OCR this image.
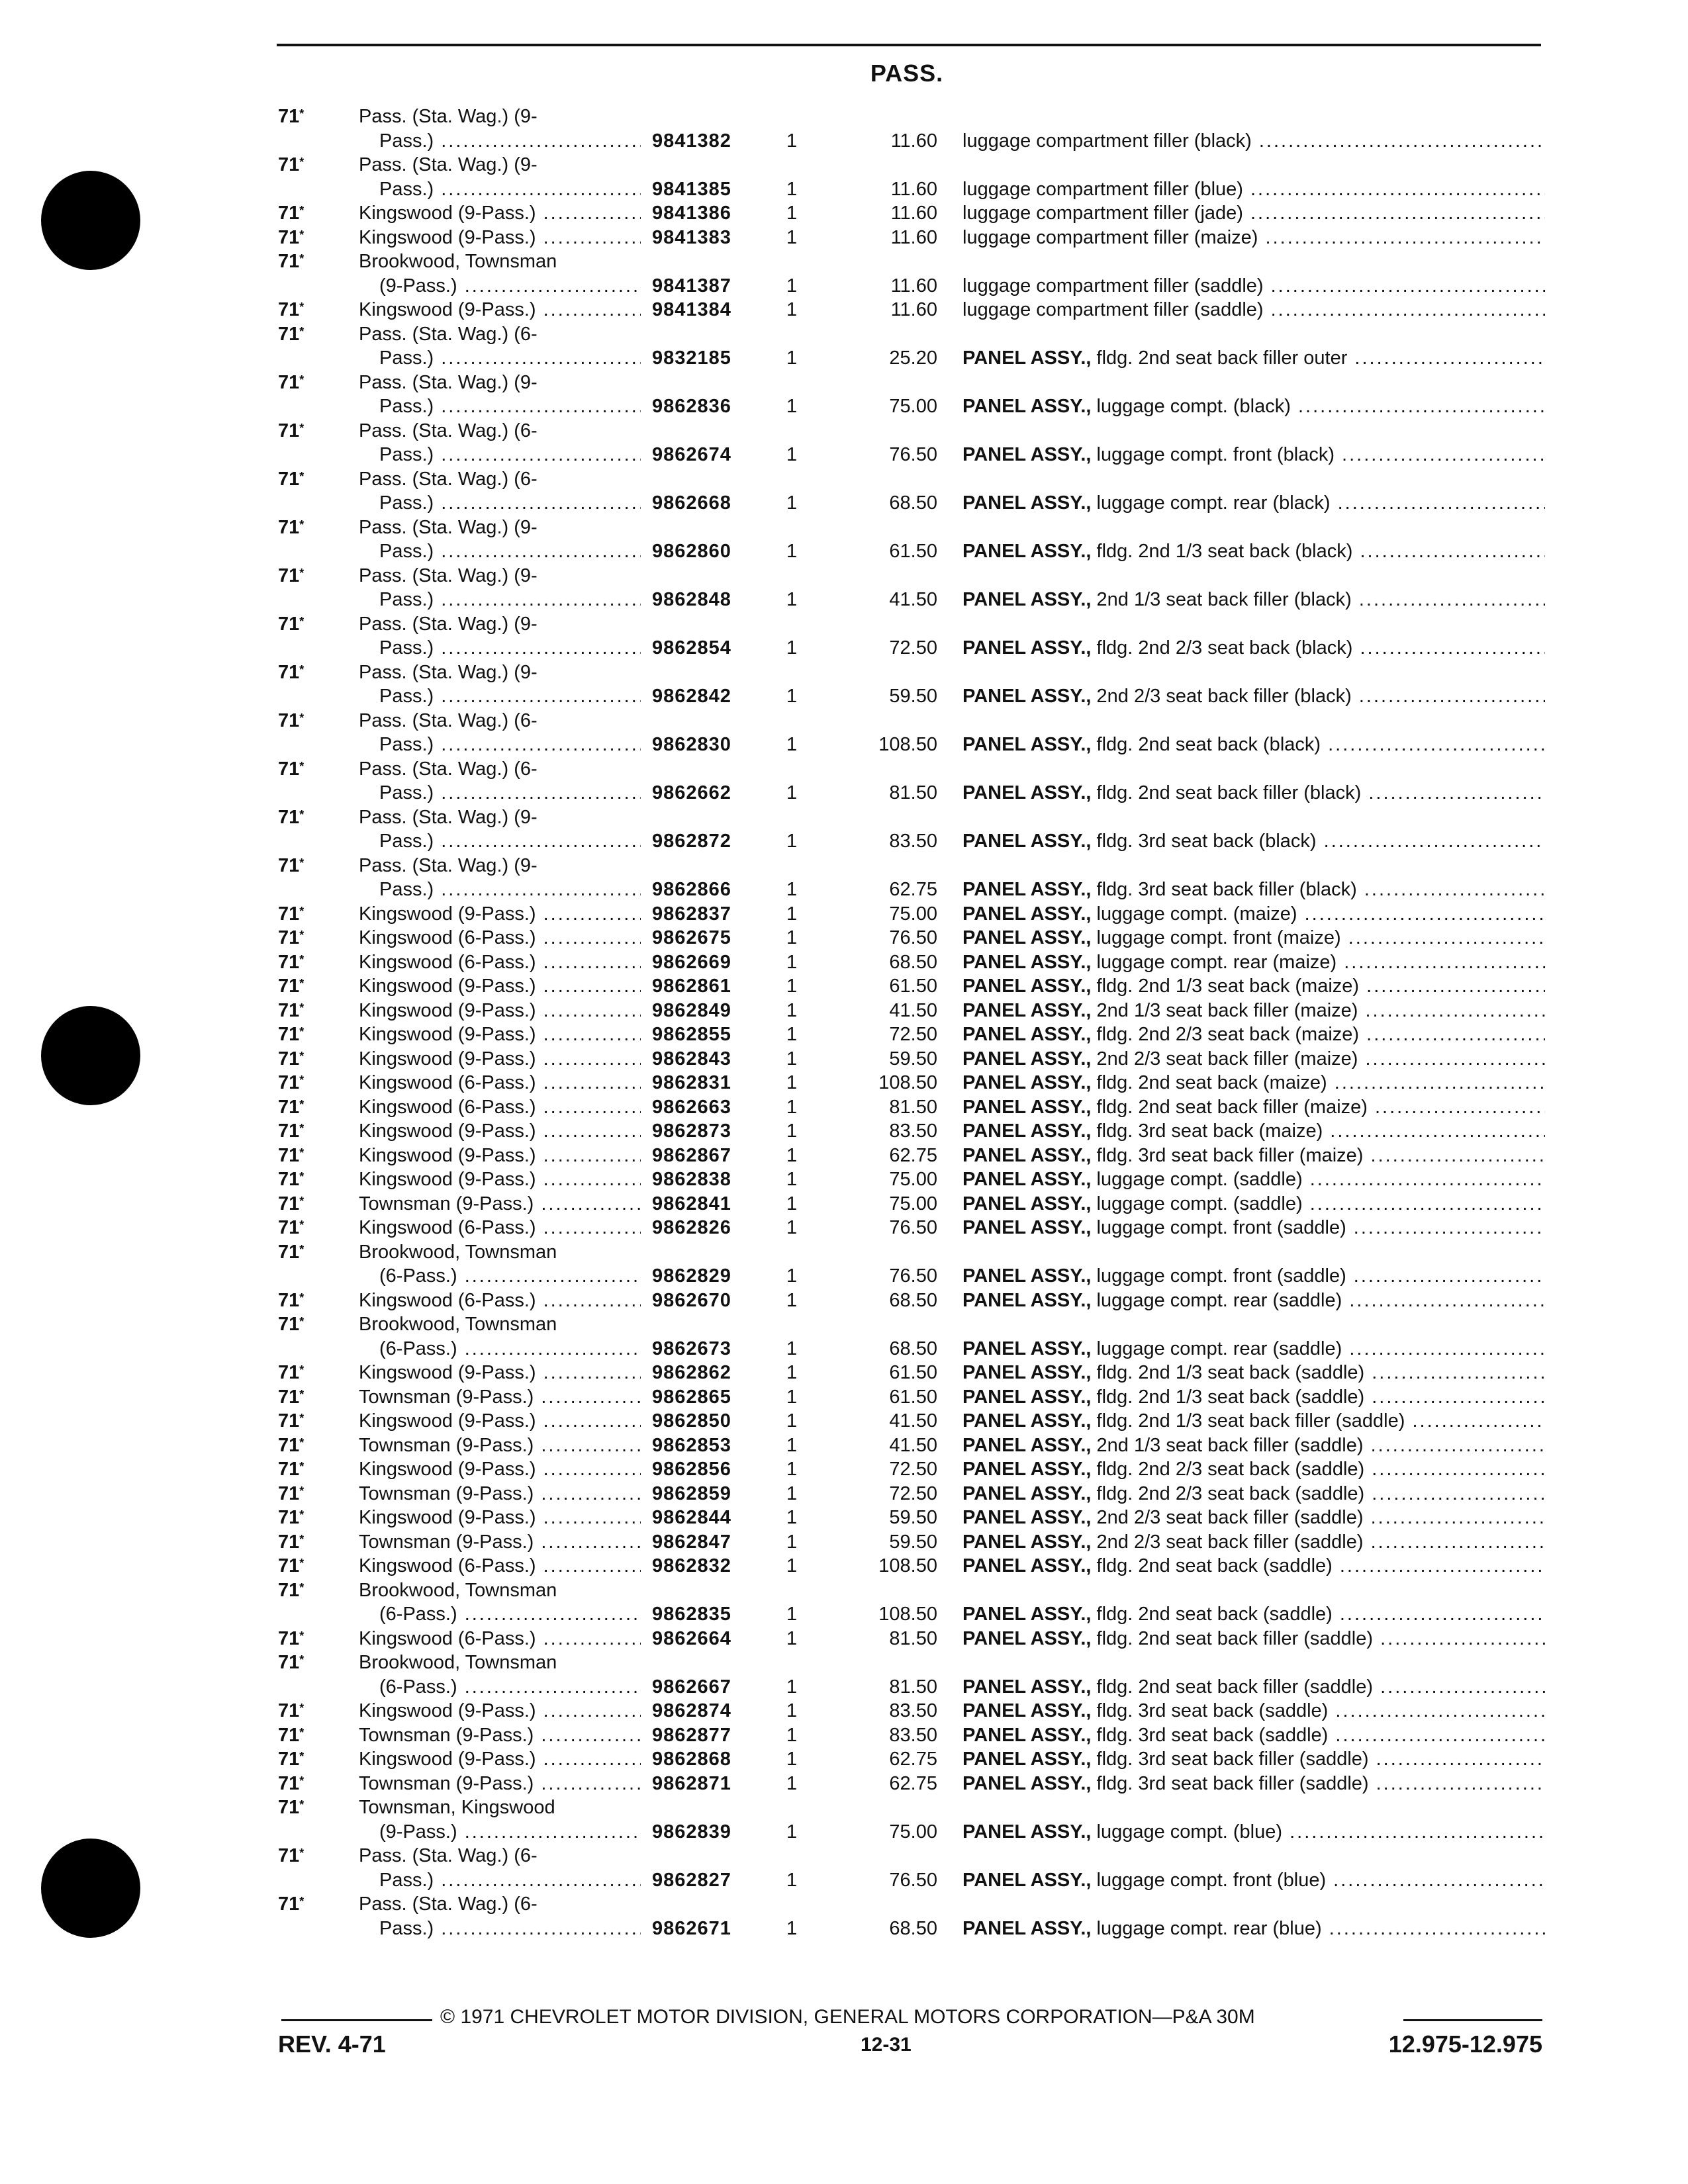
PASS.
71*	Pass. (Sta. Wag.) (9-
Pass.) .....	9841382	1	11.60 luggage compartment filler (black) .....
71*	Pass. (Sta. Wag.) (9-
Pass.) .....	9841385	1	11.60 luggage compartment filler (blue) .....
71*	Kingswood (9-Pass.) .....	9841386	1	11.60 luggage compartment filler (jade) .....
71*	Kingswood (9-Pass.) .....	9841383	1	11.60 luggage compartment filler (maize) .....
71*	Brookwood, Townsman
(9-Pass.) .....	9841387	1	11.60 luggage compartment filler (saddle) .....
71*	Kingswood (9-Pass.) .....	9841384	1	11.60 luggage compartment filler (saddle) .....
71*	Pass. (Sta. Wag.) (6-
Pass.) .....	9832185	1	25.20 PANEL ASSY., fldg. 2nd seat back filler outer .....
71*	Pass. (Sta. Wag.) (9-
Pass.) .....	9862836	1	75.00 PANEL ASSY., luggage compt. (black) .....
71*	Pass. (Sta. Wag.) (6-
Pass.) .....	9862674	1	76.50 PANEL ASSY., luggage compt. front (black) .....
71*	Pass. (Sta. Wag.) (6-
Pass.) .....	9862668	1	68.50 PANEL ASSY., luggage compt. rear (black) .....
71*	Pass. (Sta. Wag.) (9-
Pass.) .....	9862860	1	61.50 PANEL ASSY., fldg. 2nd 1/3 seat back (black) .....
71*	Pass. (Sta. Wag.) (9-
Pass.) .....	9862848	1	41.50 PANEL ASSY., 2nd 1/3 seat back filler (black) .....
71*	Pass. (Sta. Wag.) (9-
Pass.) .....	9862854	1	72.50 PANEL ASSY., fldg. 2nd 2/3 seat back (black) .....
71*	Pass. (Sta. Wag.) (9-
Pass.) .....	9862842	1	59.50 PANEL ASSY., 2nd 2/3 seat back filler (black) .....
71*	Pass. (Sta. Wag.) (6-
Pass.) .....	9862830	1	108.50 PANEL ASSY., fldg. 2nd seat back (black) .....
71*	Pass. (Sta. Wag.) (6-
Pass.) .....	9862662	1	81.50 PANEL ASSY., fldg. 2nd seat back filler (black) .....
71*	Pass. (Sta. Wag.) (9-
Pass.) .....	9862872	1	83.50 PANEL ASSY., fldg. 3rd seat back (black) .....
71*	Pass. (Sta. Wag.) (9-
Pass.) .....	9862866	1	62.75 PANEL ASSY., fldg. 3rd seat back filler (black) .....
71*	Kingswood (9-Pass.) .....	9862837	1	75.00 PANEL ASSY., luggage compt. (maize) .....
71*	Kingswood (6-Pass.) .....	9862675	1	76.50 PANEL ASSY., luggage compt. front (maize) .....
71*	Kingswood (6-Pass.) .....	9862669	1	68.50 PANEL ASSY., luggage compt. rear (maize) .....
71*	Kingswood (9-Pass.) .....	9862861	1	61.50 PANEL ASSY., fldg. 2nd 1/3 seat back (maize) .....
71*	Kingswood (9-Pass.) .....	9862849	1	41.50 PANEL ASSY., 2nd 1/3 seat back filler (maize) .....
71*	Kingswood (9-Pass.) .....	9862855	1	72.50 PANEL ASSY., fldg. 2nd 2/3 seat back (maize) .....
71*	Kingswood (9-Pass.) .....	9862843	1	59.50 PANEL ASSY., 2nd 2/3 seat back filler (maize) .....
71*	Kingswood (6-Pass.) .....	9862831	1	108.50 PANEL ASSY., fldg. 2nd seat back (maize) .....
71*	Kingswood (6-Pass.) .....	9862663	1	81.50 PANEL ASSY., fldg. 2nd seat back filler (maize) .....
71*	Kingswood (9-Pass.) .....	9862873	1	83.50 PANEL ASSY., fldg. 3rd seat back (maize) .....
71*	Kingswood (9-Pass.) .....	9862867	1	62.75 PANEL ASSY., fldg. 3rd seat back filler (maize) .....
71*	Kingswood (9-Pass.) .....	9862838	1	75.00 PANEL ASSY., luggage compt. (saddle) .....
71*	Townsman (9-Pass.) .....	9862841	1	75.00 PANEL ASSY., luggage compt. (saddle) .....
71*	Kingswood (6-Pass.) .....	9862826	1	76.50 PANEL ASSY., luggage compt. front (saddle) .....
71*	Brookwood, Townsman
(6-Pass.) .....	9862829	1	76.50 PANEL ASSY., luggage compt. front (saddle) .....
71*	Kingswood (6-Pass.) .....	9862670	1	68.50 PANEL ASSY., luggage compt. rear (saddle) .....
71*	Brookwood, Townsman
(6-Pass.) .....	9862673	1	68.50 PANEL ASSY., luggage compt. rear (saddle) .....
71*	Kingswood (9-Pass.) .....	9862862	1	61.50 PANEL ASSY., fldg. 2nd 1/3 seat back (saddle) .....
71*	Townsman (9-Pass.) .....	9862865	1	61.50 PANEL ASSY., fldg. 2nd 1/3 seat back (saddle) .....
71*	Kingswood (9-Pass.) .....	9862850	1	41.50 PANEL ASSY., fldg. 2nd 1/3 seat back filler (saddle) .....
71*	Townsman (9-Pass.) .....	9862853	1	41.50 PANEL ASSY., 2nd 1/3 seat back filler (saddle) .....
71*	Kingswood (9-Pass.) .....	9862856	1	72.50 PANEL ASSY., fldg. 2nd 2/3 seat back (saddle) .....
71*	Townsman (9-Pass.) .....	9862859	1	72.50 PANEL ASSY., fldg. 2nd 2/3 seat back (saddle) .....
71*	Kingswood (9-Pass.) .....	9862844	1	59.50 PANEL ASSY., 2nd 2/3 seat back filler (saddle) .....
71*	Townsman (9-Pass.) .....	9862847	1	59.50 PANEL ASSY., 2nd 2/3 seat back filler (saddle) .....
71*	Kingswood (6-Pass.) .....	9862832	1	108.50 PANEL ASSY., fldg. 2nd seat back (saddle) .....
71*	Brookwood, Townsman
(6-Pass.) .....	9862835	1	108.50 PANEL ASSY., fldg. 2nd seat back (saddle) .....
71*	Kingswood (6-Pass.) .....	9862664	1	81.50 PANEL ASSY., fldg. 2nd seat back filler (saddle) .....
71*	Brookwood, Townsman
(6-Pass.) .....	9862667	1	81.50 PANEL ASSY., fldg. 2nd seat back filler (saddle) .....
71*	Kingswood (9-Pass.) .....	9862874	1	83.50 PANEL ASSY., fldg. 3rd seat back (saddle) .....
71*	Townsman (9-Pass.) .....	9862877	1	83.50 PANEL ASSY., fldg. 3rd seat back (saddle) .....
71*	Kingswood (9-Pass.) .....	9862868	1	62.75 PANEL ASSY., fldg. 3rd seat back filler (saddle) .....
71*	Townsman (9-Pass.) .....	9862871	1	62.75 PANEL ASSY., fldg. 3rd seat back filler (saddle) .....
71*	Townsman, Kingswood
(9-Pass.) .....	9862839	1	75.00 PANEL ASSY., luggage compt. (blue) .....
71*	Pass. (Sta. Wag.) (6-
Pass.) .....	9862827	1	76.50 PANEL ASSY., luggage compt. front (blue) .....
71*	Pass. (Sta. Wag.) (6-
Pass.) .....	9862671	1	68.50 PANEL ASSY., luggage compt. rear (blue) .....
© 1971 CHEVROLET MOTOR DIVISION, GENERAL MOTORS CORPORATION—P&A 30M
REV. 4-71	12-31	12.975-12.975
